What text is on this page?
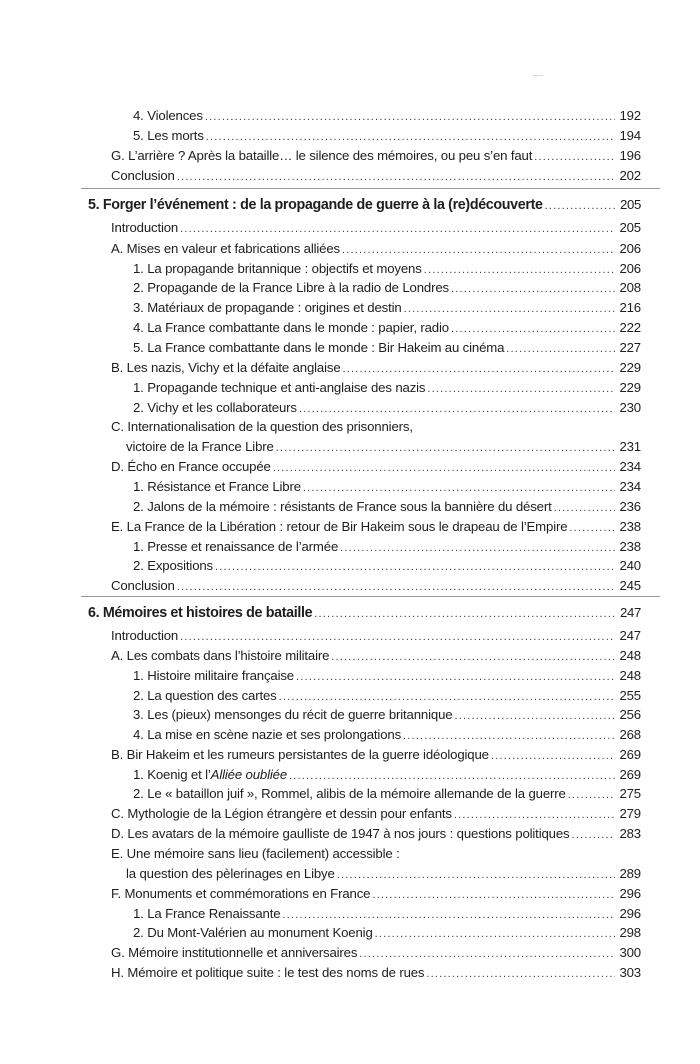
4. Violences .....	192
5. Les morts .....	194
G. L’arrière ? Après la bataille… le silence des mémoires, ou peu s’en faut .....	196
Conclusion .....	202
5. Forger l’événement : de la propagande de guerre à la (re)découverte .....	205
Introduction .....	205
A. Mises en valeur et fabrications alliées .....	206
1. La propagande britannique : objectifs et moyens .....	206
2. Propagande de la France Libre à la radio de Londres .....	208
3. Matériaux de propagande : origines et destin .....	216
4. La France combattante dans le monde : papier, radio .....	222
5. La France combattante dans le monde : Bir Hakeim au cinéma .....	227
B. Les nazis, Vichy et la défaite anglaise .....	229
1. Propagande technique et anti-anglaise des nazis .....	229
2. Vichy et les collaborateurs .....	230
C. Internationalisation de la question des prisonniers,
victoire de la France Libre .....	231
D. Écho en France occupée .....	234
1. Résistance et France Libre .....	234
2. Jalons de la mémoire : résistants de France sous la bannière du désert .....	236
E. La France de la Libération : retour de Bir Hakeim sous le drapeau de l’Empire .....	238
1. Presse et renaissance de l’armée .....	238
2. Expositions .....	240
Conclusion .....	245
6. Mémoires et histoires de bataille .....	247
Introduction .....	247
A. Les combats dans l’histoire militaire .....	248
1. Histoire militaire française .....	248
2. La question des cartes .....	255
3. Les (pieux) mensonges du récit de guerre britannique .....	256
4. La mise en scène nazie et ses prolongations .....	268
B. Bir Hakeim et les rumeurs persistantes de la guerre idéologique .....	269
1. Koenig et l’Alliée oubliée .....	269
2. Le « bataillon juif », Rommel, alibis de la mémoire allemande de la guerre .....	275
C. Mythologie de la Légion étrangère et dessin pour enfants .....	279
D. Les avatars de la mémoire gaulliste de 1947 à nos jours : questions politiques .....	283
E. Une mémoire sans lieu (facilement) accessible :
la question des pèlerinages en Libye .....	289
F. Monuments et commémorations en France .....	296
1. La France Renaissante .....	296
2. Du Mont-Valérien au monument Koenig .....	298
G. Mémoire institutionnelle et anniversaires .....	300
H. Mémoire et politique suite : le test des noms de rues .....	303
